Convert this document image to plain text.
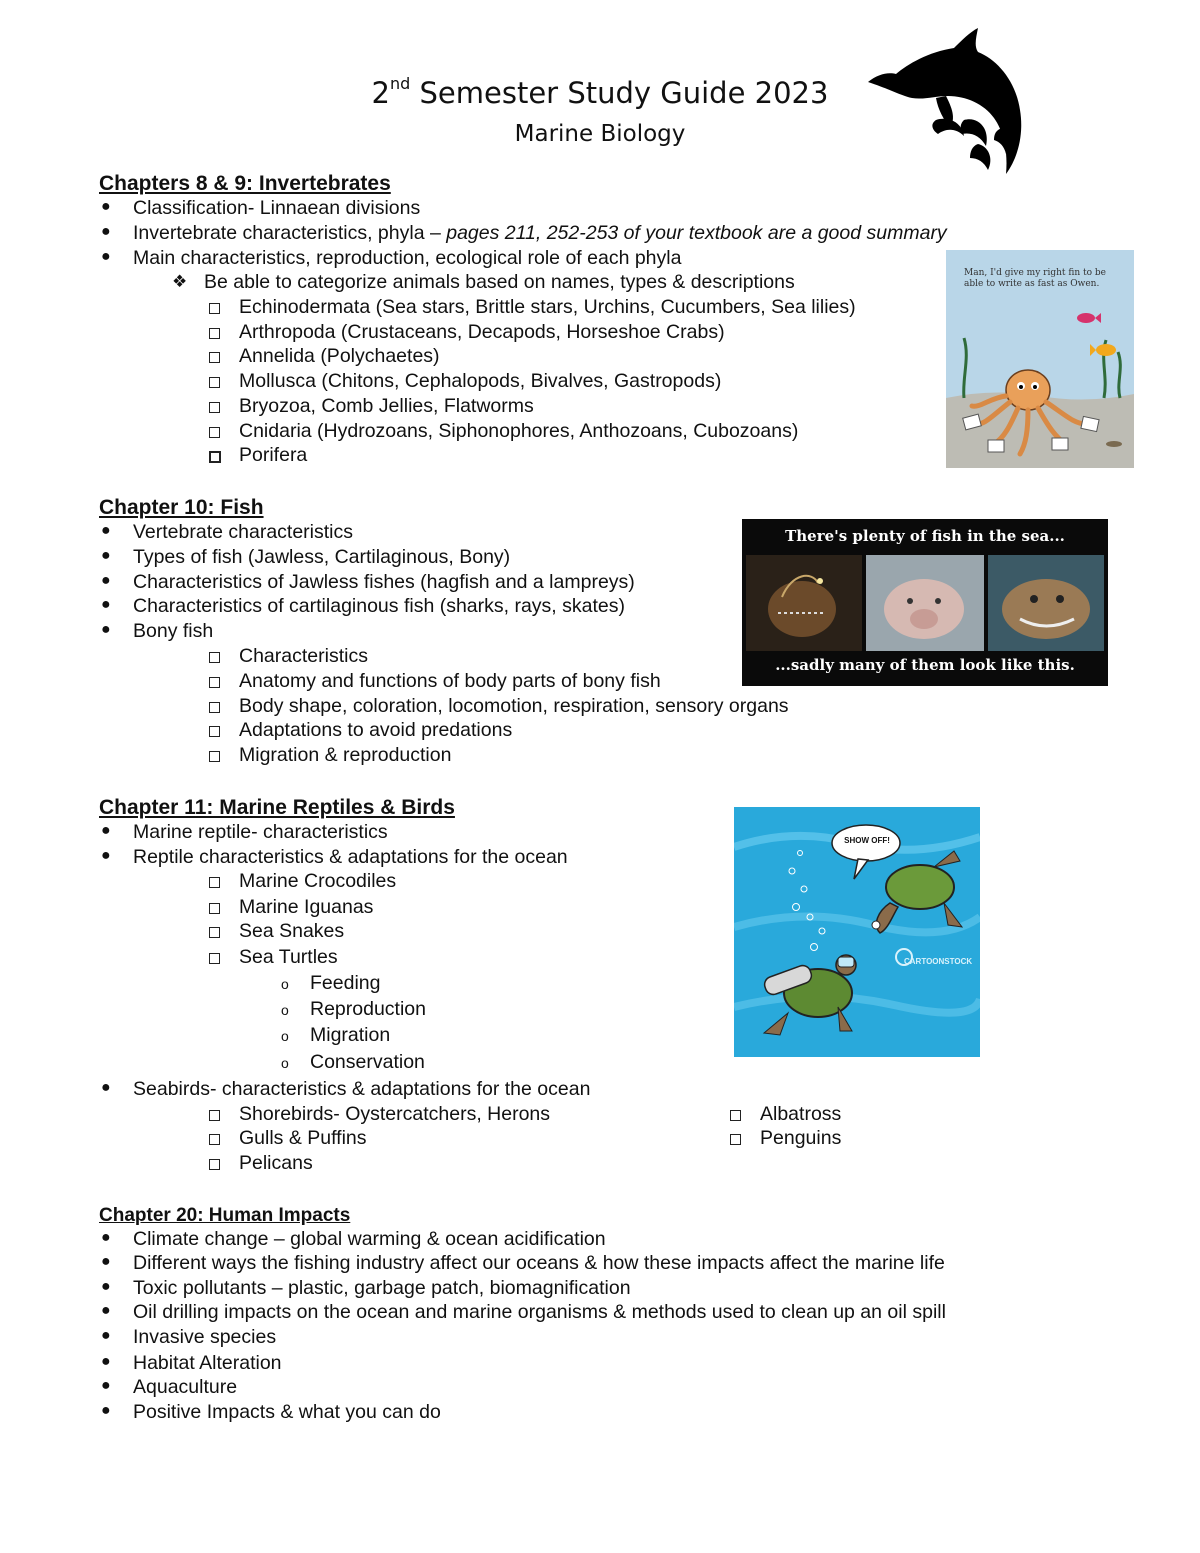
2nd Semester Study Guide 2023
Marine Biology
Chapters 8 & 9: Invertebrates
● Classification- Linnaean divisions
● Invertebrate characteristics, phyla – pages 211, 252-253 of your textbook are a good summary
● Main characteristics, reproduction, ecological role of each phyla
❖ Be able to categorize animals based on names, types & descriptions
Echinodermata (Sea stars, Brittle stars, Urchins, Cucumbers, Sea lilies)
Arthropoda (Crustaceans, Decapods, Horseshoe Crabs)
Annelida (Polychaetes)
Mollusca (Chitons, Cephalopods, Bivalves, Gastropods)
Bryozoa, Comb Jellies, Flatworms
Cnidaria (Hydrozoans, Siphonophores, Anthozoans, Cubozoans)
Porifera
Man, I'd give my right fin to be able to write as fast as Owen.
Chapter 10: Fish
● Vertebrate characteristics
● Types of fish (Jawless, Cartilaginous, Bony)
● Characteristics of Jawless fishes (hagfish and a lampreys)
● Characteristics of cartilaginous fish (sharks, rays, skates)
● Bony fish
Characteristics
Anatomy and functions of body parts of bony fish
Body shape, coloration, locomotion, respiration, sensory organs
Adaptations to avoid predations
Migration & reproduction
There's plenty of fish in the sea...
...sadly many of them look like this.
Chapter 11: Marine Reptiles & Birds
● Marine reptile- characteristics
● Reptile characteristics & adaptations for the ocean
Marine Crocodiles
Marine Iguanas
Sea Snakes
Sea Turtles
o Feeding
o Reproduction
o Migration
o Conservation
● Seabirds- characteristics & adaptations for the ocean
Shorebirds- Oystercatchers, Herons
Gulls & Puffins
Pelicans
Albatross
Penguins
SHOW OFF!
CARTOONSTOCK
Chapter 20: Human Impacts
● Climate change – global warming & ocean acidification
● Different ways the fishing industry affect our oceans & how these impacts affect the marine life
● Toxic pollutants – plastic, garbage patch, biomagnification
● Oil drilling impacts on the ocean and marine organisms & methods used to clean up an oil spill
● Invasive species
● Habitat Alteration
● Aquaculture
● Positive Impacts & what you can do
